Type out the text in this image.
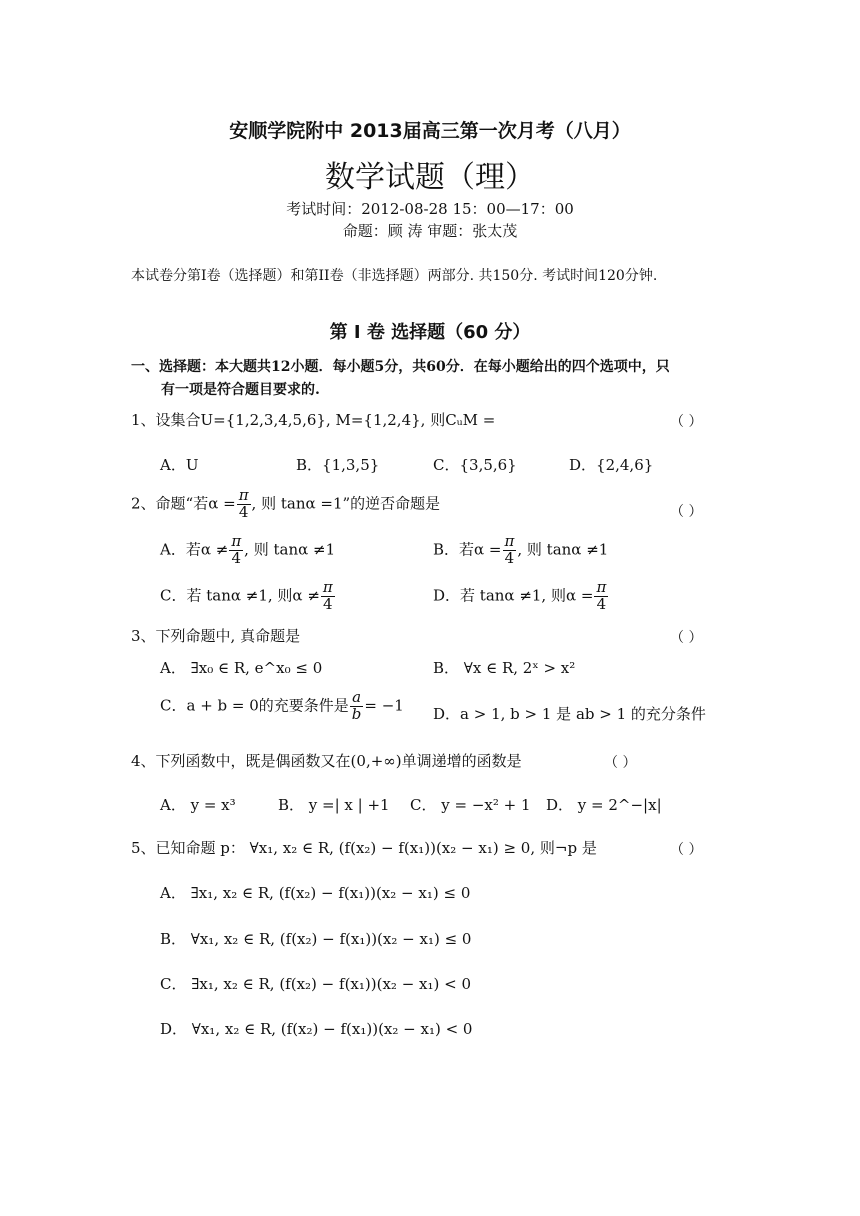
安顺学院附中 2013届高三第一次月考（八月）
数学试题（理）
考试时间：2012-08-28 15：00—17：00
命题：顾 涛 审题：张太茂
本试卷分第I卷（选择题）和第II卷（非选择题）两部分. 共150分. 考试时间120分钟.
第 I 卷 选择题（60 分）
一、选择题：本大题共12小题．每小题5分，共60分．在每小题给出的四个选项中，只
有一项是符合题目要求的.
1、设集合U={1,2,3,4,5,6}, M={1,2,4}, 则CᵤM =	（ ）
A．U	B．{1,3,5}	C．{3,5,6}	D．{2,4,6}
2、命题“若$\alpha = \frac{\pi}{4}$ , 则 tanα =1”的逆否命题是	（ ）
A．若$\alpha \ne \frac{\pi}{4}$ , 则 tanα ≠1	B．若$\alpha = \frac{\pi}{4}$ , 则 tanα ≠1
C．若 tanα ≠1, 则$\alpha \ne \frac{\pi}{4}$	D．若 tanα ≠1, 则$\alpha = \frac{\pi}{4}$
3、下列命题中, 真命题是	（ ）
A． ∃x₀ ∈ R, e^x₀ ≤ 0	B． ∀x ∈ R, 2ˣ > x²
C．a + b = 0的充要条件是 $\frac{a}{b} = -1$ D．a > 1, b > 1 是 ab > 1 的充分条件
4、下列函数中，既是偶函数又在(0,+∞)单调递增的函数是	（ ）
A． y = x³	B． y =| x | +1 C． y = −x² + 1 D． y = 2^−|x|
5、已知命题 p： ∀x₁, x₂ ∈ R, (f(x₂) − f(x₁))(x₂ − x₁) ≥ 0, 则¬p 是	（ ）
A． ∃x₁, x₂ ∈ R, (f(x₂) − f(x₁))(x₂ − x₁) ≤ 0
B． ∀x₁, x₂ ∈ R, (f(x₂) − f(x₁))(x₂ − x₁) ≤ 0
C． ∃x₁, x₂ ∈ R, (f(x₂) − f(x₁))(x₂ − x₁) < 0
D． ∀x₁, x₂ ∈ R, (f(x₂) − f(x₁))(x₂ − x₁) < 0
